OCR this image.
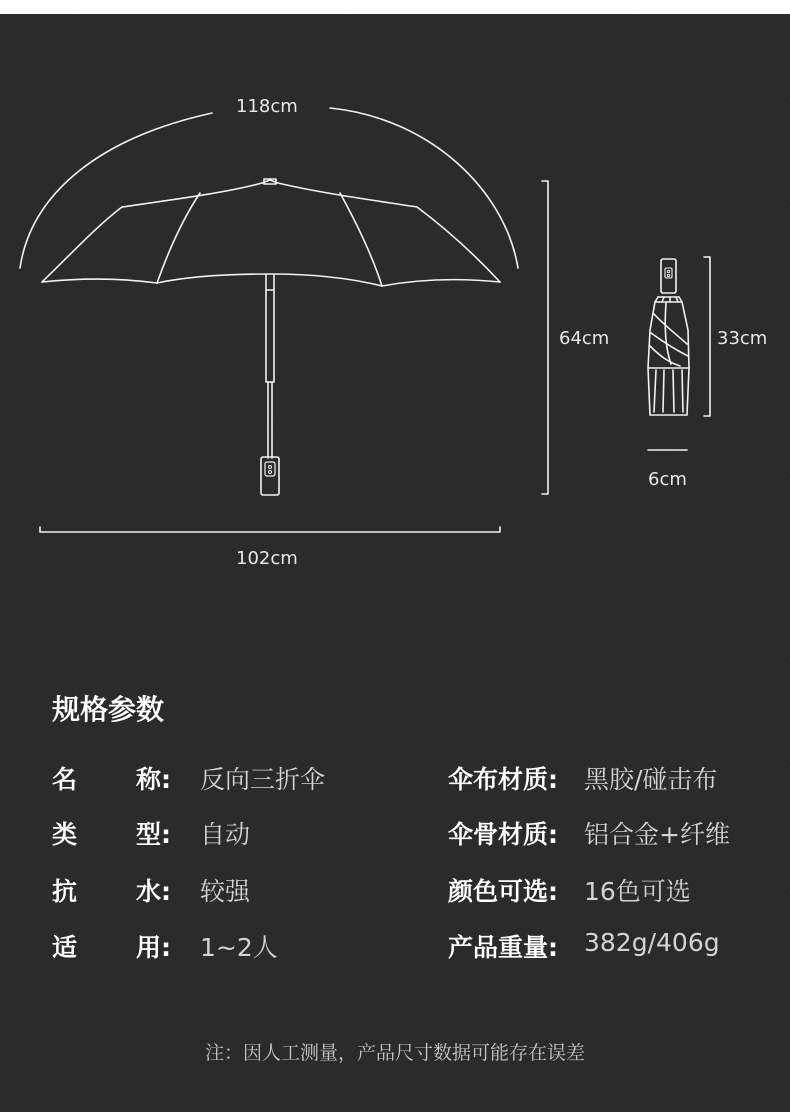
118cm
64cm
102cm
33cm
6cm
规格参数
名 称: 反向三折伞	伞布材质: 黑胶/碰击布
类 型: 自动	伞骨材质: 铝合金+纤维
抗 水: 较强	颜色可选: 16色可选
适 用: 1~2人	产品重量: 382g/406g
注：因人工测量，产品尺寸数据可能存在误差
